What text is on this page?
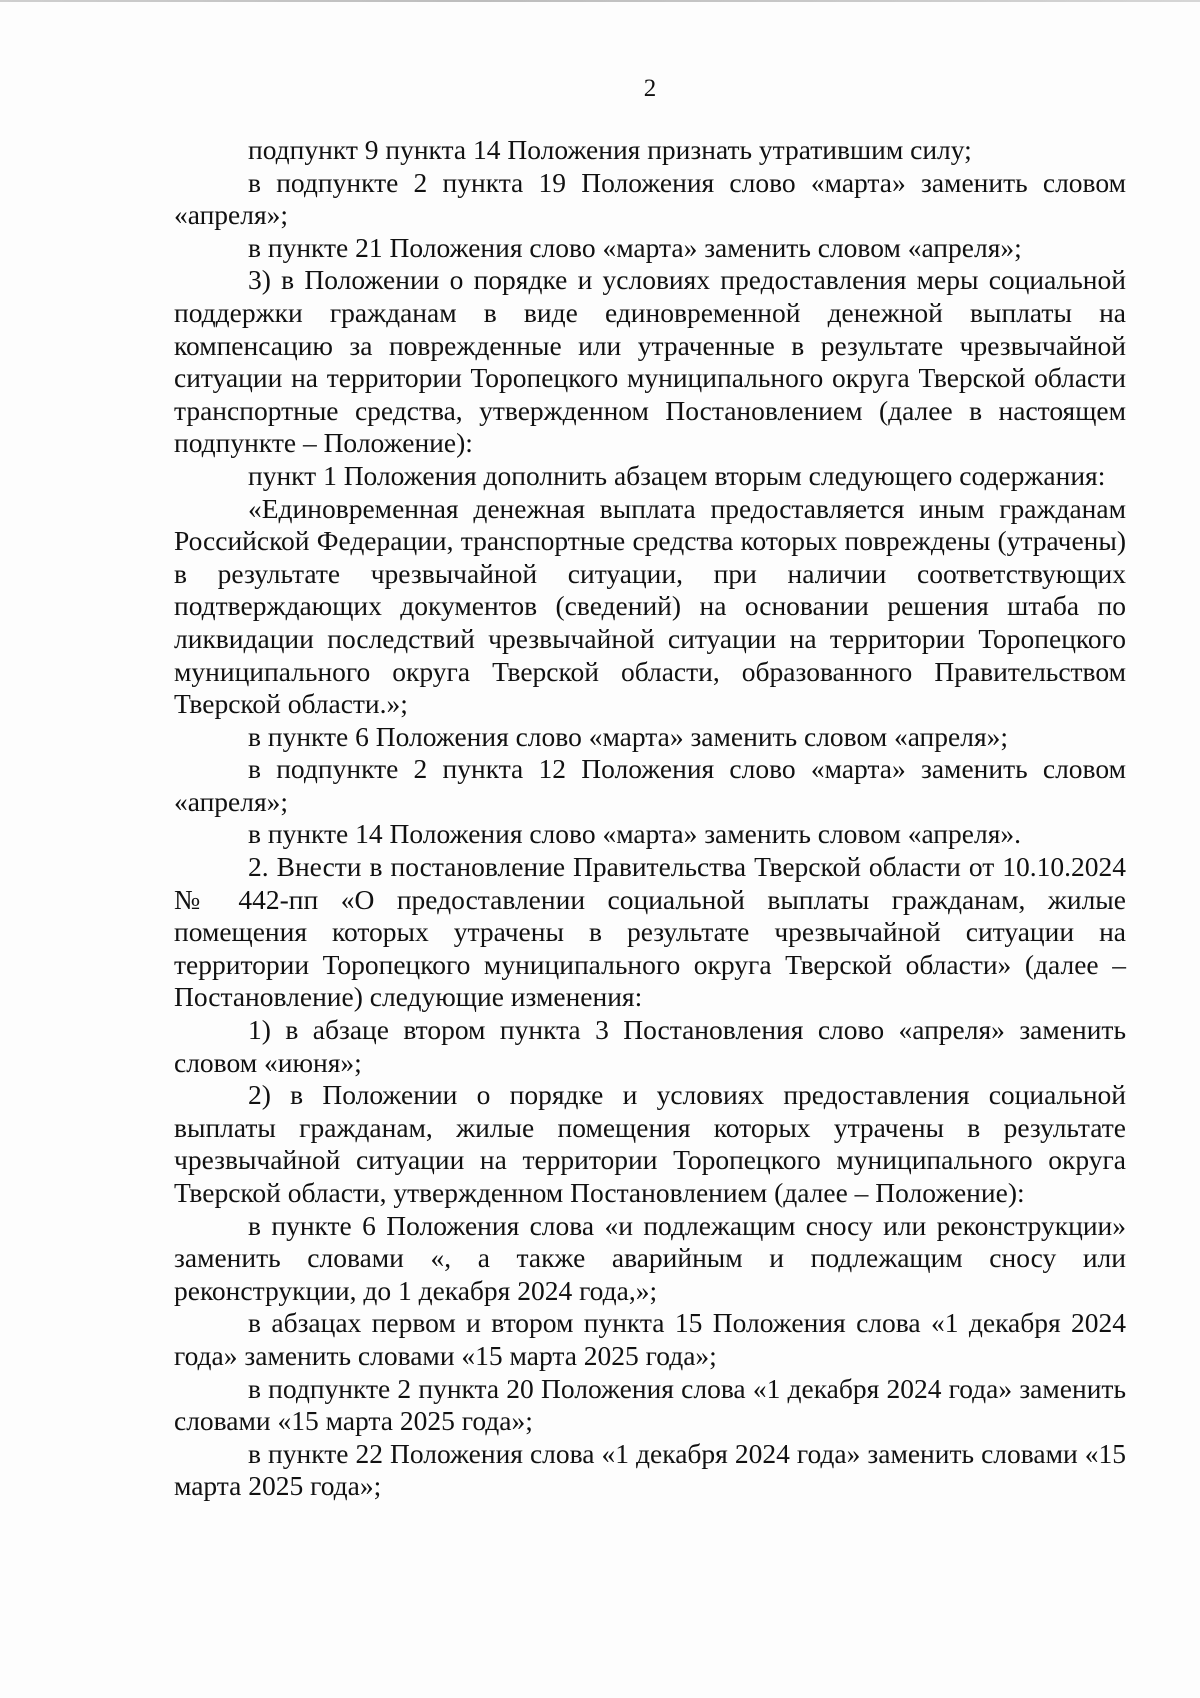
2

подпункт 9 пункта 14 Положения признать утратившим силу;

в подпункте 2 пункта 19 Положения слово «марта» заменить словом «апреля»;

в пункте 21 Положения слово «марта» заменить словом «апреля»;

3) в Положении о порядке и условиях предоставления меры социальной поддержки гражданам в виде единовременной денежной выплаты на компенсацию за поврежденные или утраченные в результате чрезвычайной ситуации на территории Торопецкого муниципального округа Тверской области транспортные средства, утвержденном Постановлением (далее в настоящем подпункте – Положение):

пункт 1 Положения дополнить абзацем вторым следующего содержания:

«Единовременная денежная выплата предоставляется иным гражданам Российской Федерации, транспортные средства которых повреждены (утрачены) в результате чрезвычайной ситуации, при наличии соответствующих подтверждающих документов (сведений) на основании решения штаба по ликвидации последствий чрезвычайной ситуации на территории Торопецкого муниципального округа Тверской области, образованного Правительством Тверской области.»;

в пункте 6 Положения слово «марта» заменить словом «апреля»;

в подпункте 2 пункта 12 Положения слово «марта» заменить словом «апреля»;

в пункте 14 Положения слово «марта» заменить словом «апреля».

2. Внести в постановление Правительства Тверской области от 10.10.2024 № 442-пп «О предоставлении социальной выплаты гражданам, жилые помещения которых утрачены в результате чрезвычайной ситуации на территории Торопецкого муниципального округа Тверской области» (далее – Постановление) следующие изменения:

1) в абзаце втором пункта 3 Постановления слово «апреля» заменить словом «июня»;

2) в Положении о порядке и условиях предоставления социальной выплаты гражданам, жилые помещения которых утрачены в результате чрезвычайной ситуации на территории Торопецкого муниципального округа Тверской области, утвержденном Постановлением (далее – Положение):

в пункте 6 Положения слова «и подлежащим сносу или реконструкции» заменить словами «, а также аварийным и подлежащим сносу или реконструкции, до 1 декабря 2024 года,»;

в абзацах первом и втором пункта 15 Положения слова «1 декабря 2024 года» заменить словами «15 марта 2025 года»;

в подпункте 2 пункта 20 Положения слова «1 декабря 2024 года» заменить словами «15 марта 2025 года»;

в пункте 22 Положения слова «1 декабря 2024 года» заменить словами «15 марта 2025 года»;
